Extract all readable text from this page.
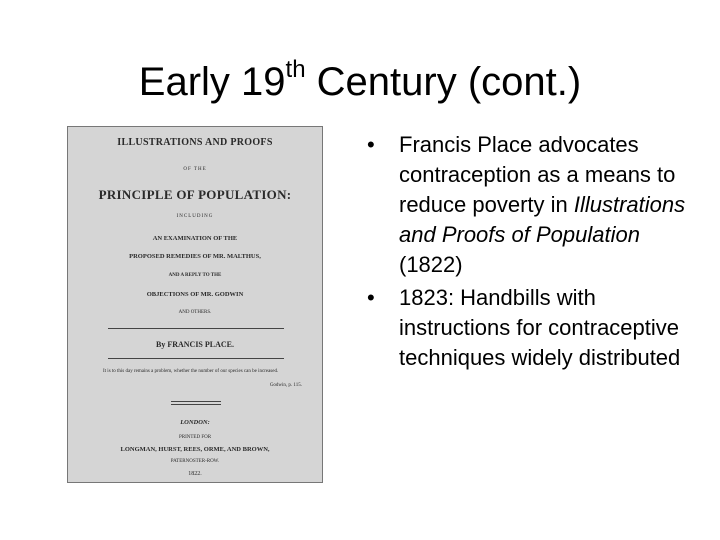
Early 19th Century (cont.)
ILLUSTRATIONS AND PROOFS
OF THE
PRINCIPLE OF POPULATION:
INCLUDING
AN EXAMINATION OF THE
PROPOSED REMEDIES OF MR. MALTHUS,
AND A REPLY TO THE
OBJECTIONS OF MR. GODWIN
AND OTHERS.
By FRANCIS PLACE.
It is to this day remains a problem, whether the number of our species can be increased.
Godwin, p. 115.
LONDON:
PRINTED FOR
LONGMAN, HURST, REES, ORME, AND BROWN,
PATERNOSTER-ROW.
1822.
• Francis Place advocates contraception as a means to reduce poverty in Illustrations and Proofs of Population (1822)
• 1823: Handbills with instructions for contraceptive techniques widely distributed
